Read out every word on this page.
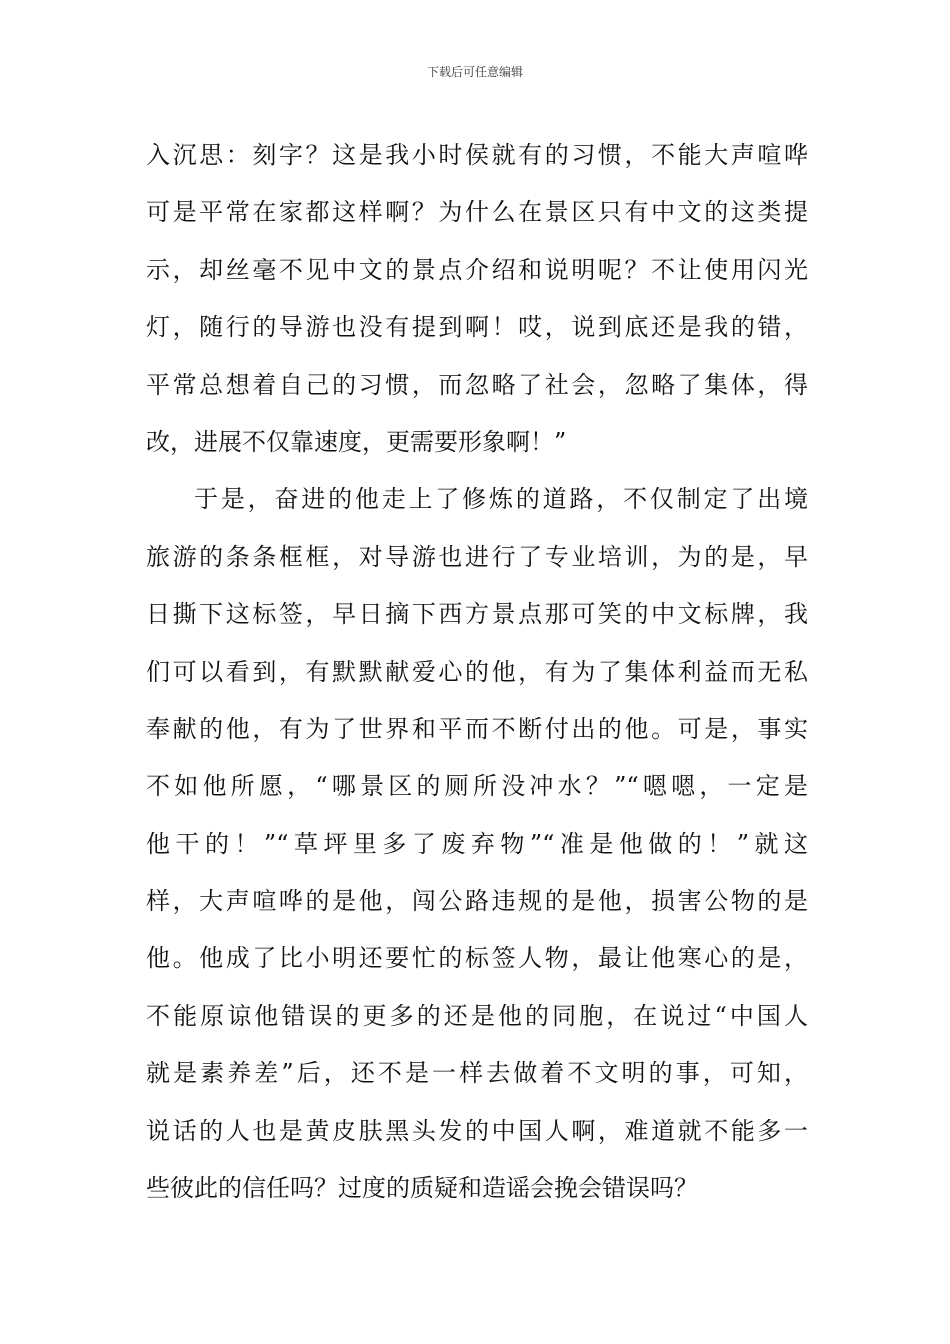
下载后可任意编辑
入沉思：刻字？这是我小时侯就有的习惯，不能大声喧哗
可是平常在家都这样啊？为什么在景区只有中文的这类提
示，却丝毫不见中文的景点介绍和说明呢？不让使用闪光
灯，随行的导游也没有提到啊！哎，说到底还是我的错，
平常总想着自己的习惯，而忽略了社会，忽略了集体，得
改，进展不仅靠速度，更需要形象啊！”
于是，奋进的他走上了修炼的道路，不仅制定了出境
旅游的条条框框，对导游也进行了专业培训，为的是，早
日撕下这标签，早日摘下西方景点那可笑的中文标牌，我
们可以看到，有默默献爱心的他，有为了集体利益而无私
奉献的他，有为了世界和平而不断付出的他。可是，事实
不如他所愿，“哪景区的厕所没冲水？”“嗯嗯，一定是
他干的！”“草坪里多了废弃物”“准是他做的！”就这
样，大声喧哗的是他，闯公路违规的是他，损害公物的是
他。他成了比小明还要忙的标签人物，最让他寒心的是，
不能原谅他错误的更多的还是他的同胞，在说过“中国人
就是素养差”后，还不是一样去做着不文明的事，可知，
说话的人也是黄皮肤黑头发的中国人啊，难道就不能多一
些彼此的信任吗？过度的质疑和造谣会挽会错误吗？
